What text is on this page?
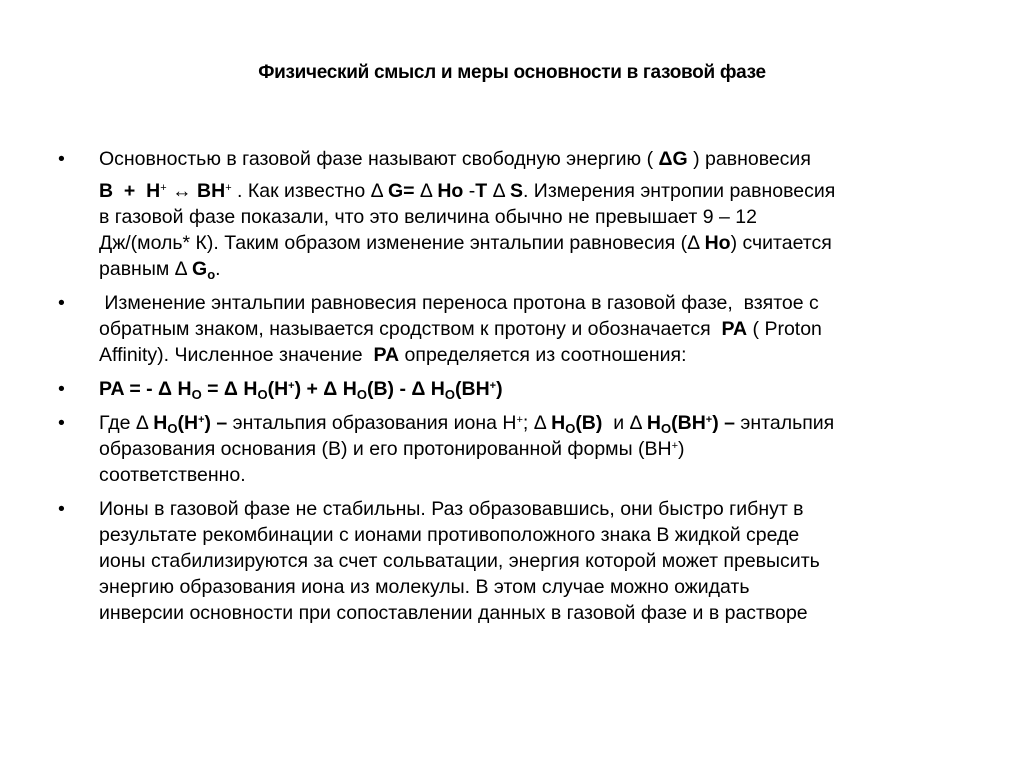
Физический смысл и меры основности в газовой фазе
•	Основностью в газовой фазе называют свободную энергию ( ΔG ) равновесия
B  +  H+ ↔ BH+ . Как известно Δ G= Δ Ho -T Δ S. Измерения энтропии равновесия
в газовой фазе показали, что это величина обычно не превышает 9 – 12
Дж/(моль* К). Таким образом изменение энтальпии равновесия (Δ Ho) считается
равным Δ $G_o$.
•	Изменение энтальпии равновесия переноса протона в газовой фазе,  взятое с
обратным знаком, называется сродством к протону и обозначается  PA ( Proton
Affinity). Численное значение  PA определяется из соотношения:
•	PA = - Δ $H_O = \Delta$ $H_O(H^+) + \Delta$ $H_O(B)$ - Δ $H_O(BH^+)$
•	Где Δ $H_O(H^+)$ – энтальпия образования иона H+; Δ $H_O(B)$  и Δ $H_O(BH^+)$ – энтальпия
образования основания (B) и его протонированной формы (BH+)
соответственно.
•	Ионы в газовой фазе не стабильны. Раз образовавшись, они быстро гибнут в
результате рекомбинации с ионами противоположного знака В жидкой среде
ионы стабилизируются за счет сольватации, энергия которой может превысить
энергию образования иона из молекулы. В этом случае можно ожидать
инверсии основности при сопоставлении данных в газовой фазе и в растворе
